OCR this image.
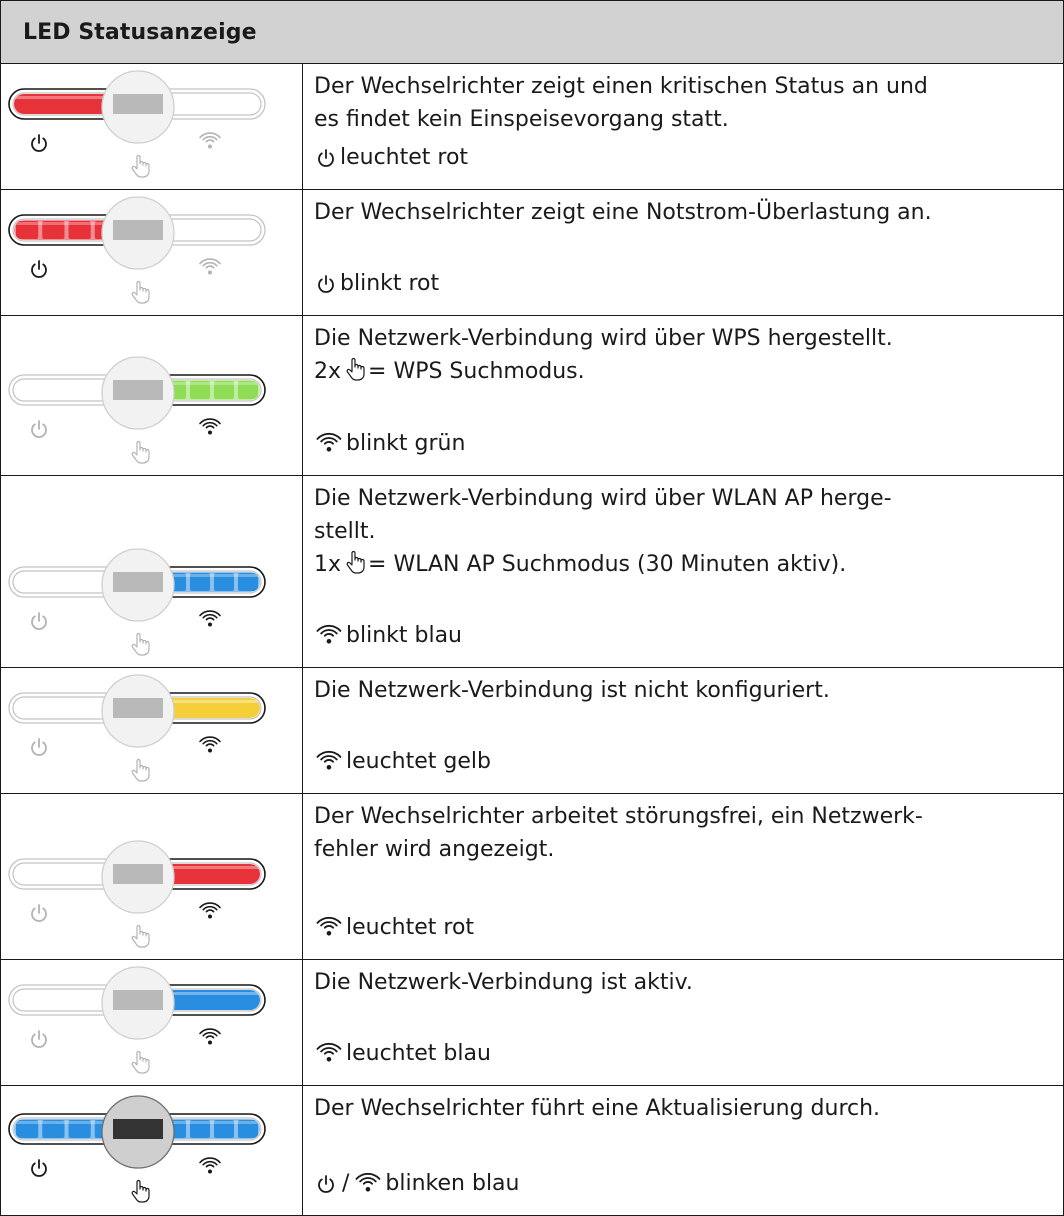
LED Statusanzeige
Der Wechselrichter zeigt einen kritischen Status an und
es findet kein Einspeisevorgang statt.
leuchtet rot
Der Wechselrichter zeigt eine Notstrom-Überlastung an.
blinkt rot
Die Netzwerk-Verbindung wird über WPS hergestellt.
2x = WPS Suchmodus.
blinkt grün
Die Netzwerk-Verbindung wird über WLAN AP herge-
stellt.
1x = WLAN AP Suchmodus (30 Minuten aktiv).
blinkt blau
Die Netzwerk-Verbindung ist nicht konfiguriert.
leuchtet gelb
Der Wechselrichter arbeitet störungsfrei, ein Netzwerk-
fehler wird angezeigt.
leuchtet rot
Die Netzwerk-Verbindung ist aktiv.
leuchtet blau
Der Wechselrichter führt eine Aktualisierung durch.
/ blinken blau
